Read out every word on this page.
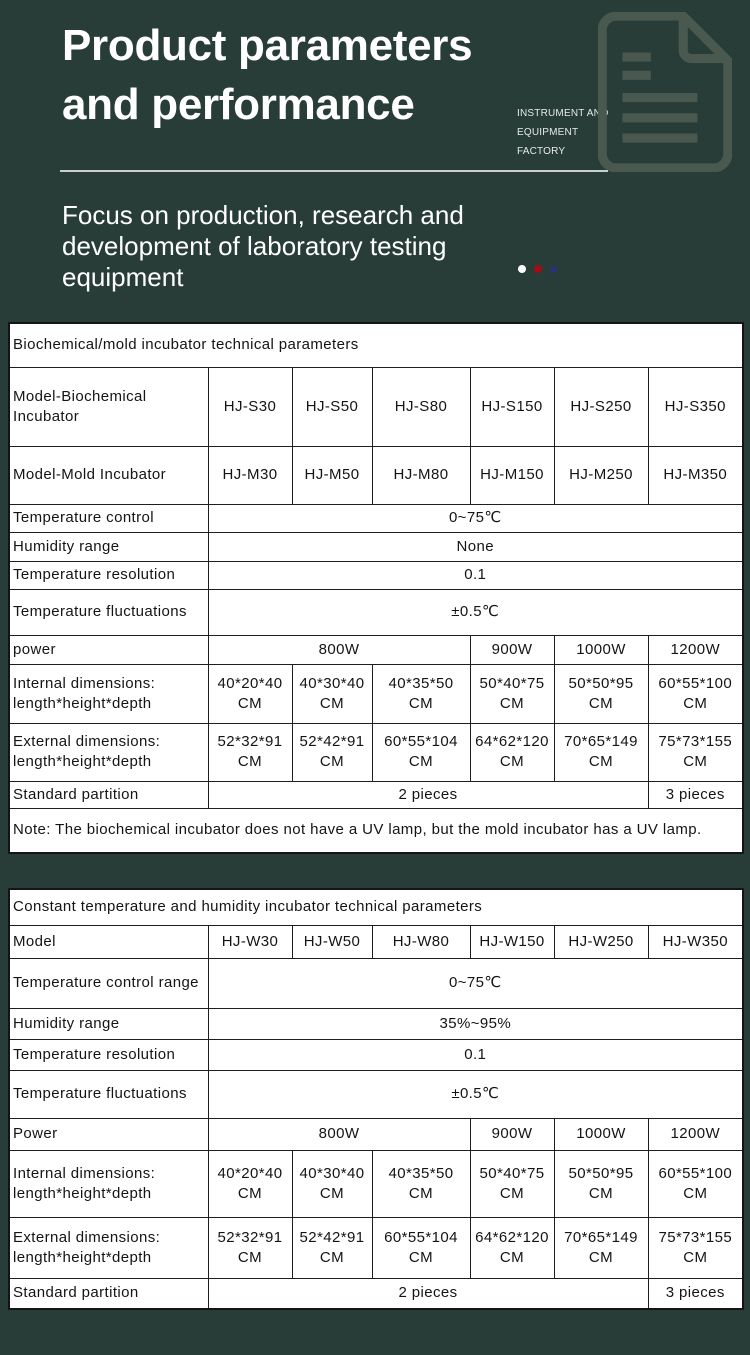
Product parameters
and performance	INSTRUMENT AND
EQUIPMENT
FACTORY
Focus on production, research and
development of laboratory testing
equipment
Biochemical/mold incubator technical parameters						
Model-Biochemical Incubator	HJ-S30	HJ-S50	HJ-S80	HJ-S150	HJ-S250	HJ-S350
Model-Mold Incubator	HJ-M30	HJ-M50	HJ-M80	HJ-M150	HJ-M250	HJ-M350
Temperature control	0~75℃					
Humidity range	None					
Temperature resolution	0.1					
Temperature fluctuations	±0.5℃					
power	800W			900W	1000W	1200W
Internal dimensions: length*height*depth	40*20*40 CM	40*30*40 CM	40*35*50 CM	50*40*75 CM	50*50*95 CM	60*55*100 CM
External dimensions: length*height*depth	52*32*91 CM	52*42*91 CM	60*55*104 CM	64*62*120 CM	70*65*149 CM	75*73*155 CM
Standard partition	2 pieces					3 pieces
Note: The biochemical incubator does not have a UV lamp, but the mold incubator has a UV lamp.						
Constant temperature and humidity incubator technical parameters						
Model	HJ-W30	HJ-W50	HJ-W80	HJ-W150	HJ-W250	HJ-W350
Temperature control range	0~75℃					
Humidity range	35%~95%					
Temperature resolution	0.1					
Temperature fluctuations	±0.5℃					
Power	800W			900W	1000W	1200W
Internal dimensions: length*height*depth	40*20*40 CM	40*30*40 CM	40*35*50 CM	50*40*75 CM	50*50*95 CM	60*55*100 CM
External dimensions: length*height*depth	52*32*91 CM	52*42*91 CM	60*55*104 CM	64*62*120 CM	70*65*149 CM	75*73*155 CM
Standard partition	2 pieces					3 pieces
